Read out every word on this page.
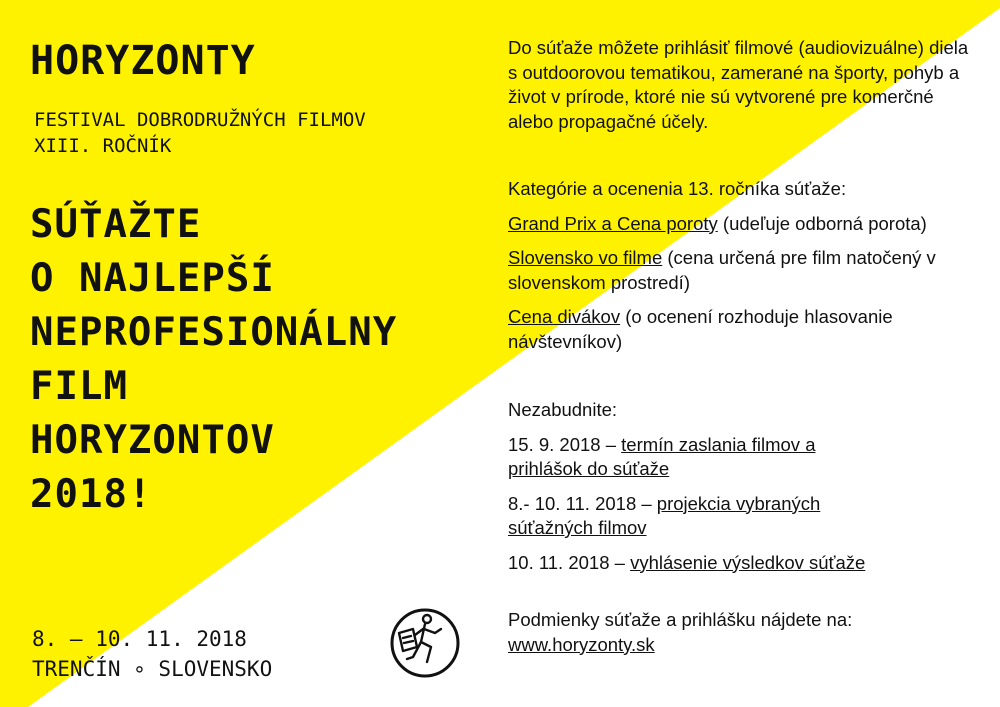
HORYZONTY
FESTIVAL DOBRODRUŽNÝCH FILMOV
XIII. ROČNÍK
SÚŤAŽTE
O NAJLEPŠÍ
NEPROFESIONÁLNY
FILM
HORYZONTOV
2018!
8. – 10. 11. 2018
TRENČÍN ∘ SLOVENSKO

Do súťaže môžete prihlásiť filmové (audiovizuálne) diela s outdoorovou tematikou, zamerané na športy, pohyb a život v prírode, ktoré nie sú vytvorené pre komerčné alebo propagačné účely.

Kategórie a ocenenia 13. ročníka súťaže:

Grand Prix a Cena poroty (udeľuje odborná porota)

Slovensko vo filme (cena určená pre film natočený v slovenskom prostredí)

Cena divákov (o ocenení rozhoduje hlasovanie návštevníkov)

Nezabudnite:

15. 9. 2018 – termín zaslania filmov a prihlášok do súťaže

8.- 10. 11. 2018 – projekcia vybraných súťažných filmov

10. 11. 2018 – vyhlásenie výsledkov súťaže

Podmienky súťaže a prihlášku nájdete na:

www.horyzonty.sk
